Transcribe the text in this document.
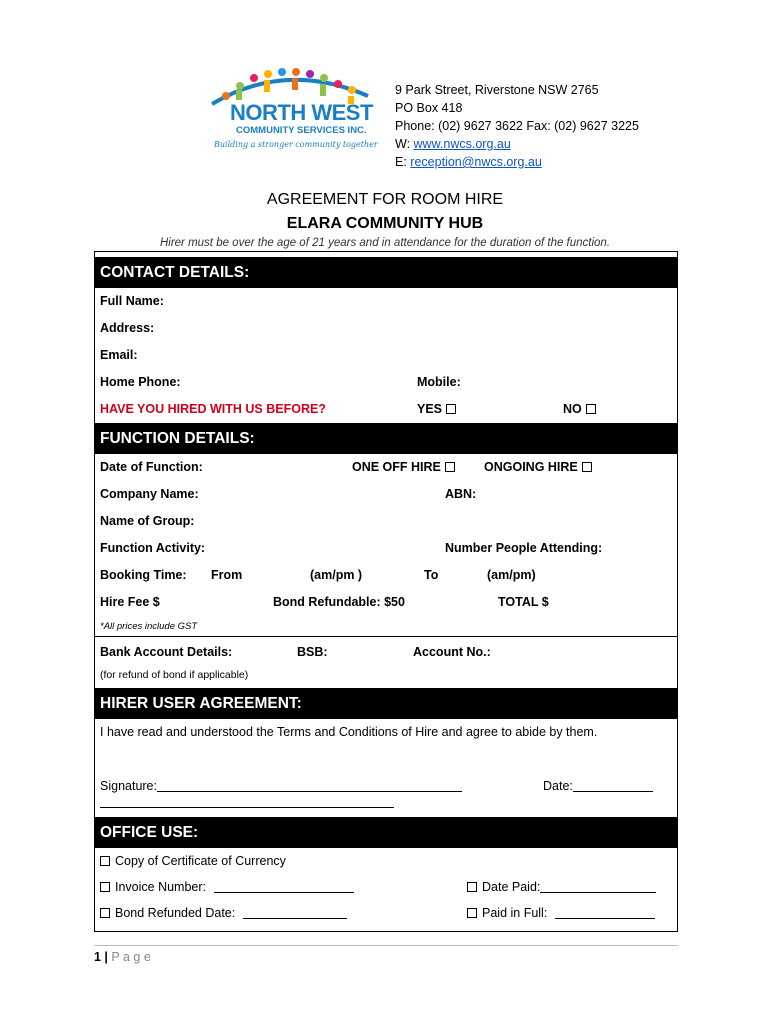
NORTH WEST
COMMUNITY SERVICES INC.
Building a stronger community together
9 Park Street, Riverstone NSW 2765
PO Box 418
Phone: (02) 9627 3622 Fax: (02) 9627 3225
W: www.nwcs.org.au
E: reception@nwcs.org.au
AGREEMENT FOR ROOM HIRE
ELARA COMMUNITY HUB
Hirer must be over the age of 21 years and in attendance for the duration of the function.
CONTACT DETAILS:
Full Name:
Address:
Email:
Home Phone:	Mobile:
HAVE YOU HIRED WITH US BEFORE?	YES	NO
FUNCTION DETAILS:
Date of Function:	ONE OFF HIRE	ONGOING HIRE
Company Name:	ABN:
Name of Group:
Function Activity:	Number People Attending:
Booking Time: From	(am/pm )	To	(am/pm)
Hire Fee $	Bond Refundable: $50	TOTAL $
*All prices include GST
Bank Account Details:	BSB:	Account No.:
(for refund of bond if applicable)
HIRER USER AGREEMENT:
I have read and understood the Terms and Conditions of Hire and agree to abide by them.
Signature:	Date:
OFFICE USE:
Copy of Certificate of Currency
Invoice Number:	Date Paid:
Bond Refunded Date:	Paid in Full:
1 | P a g e
